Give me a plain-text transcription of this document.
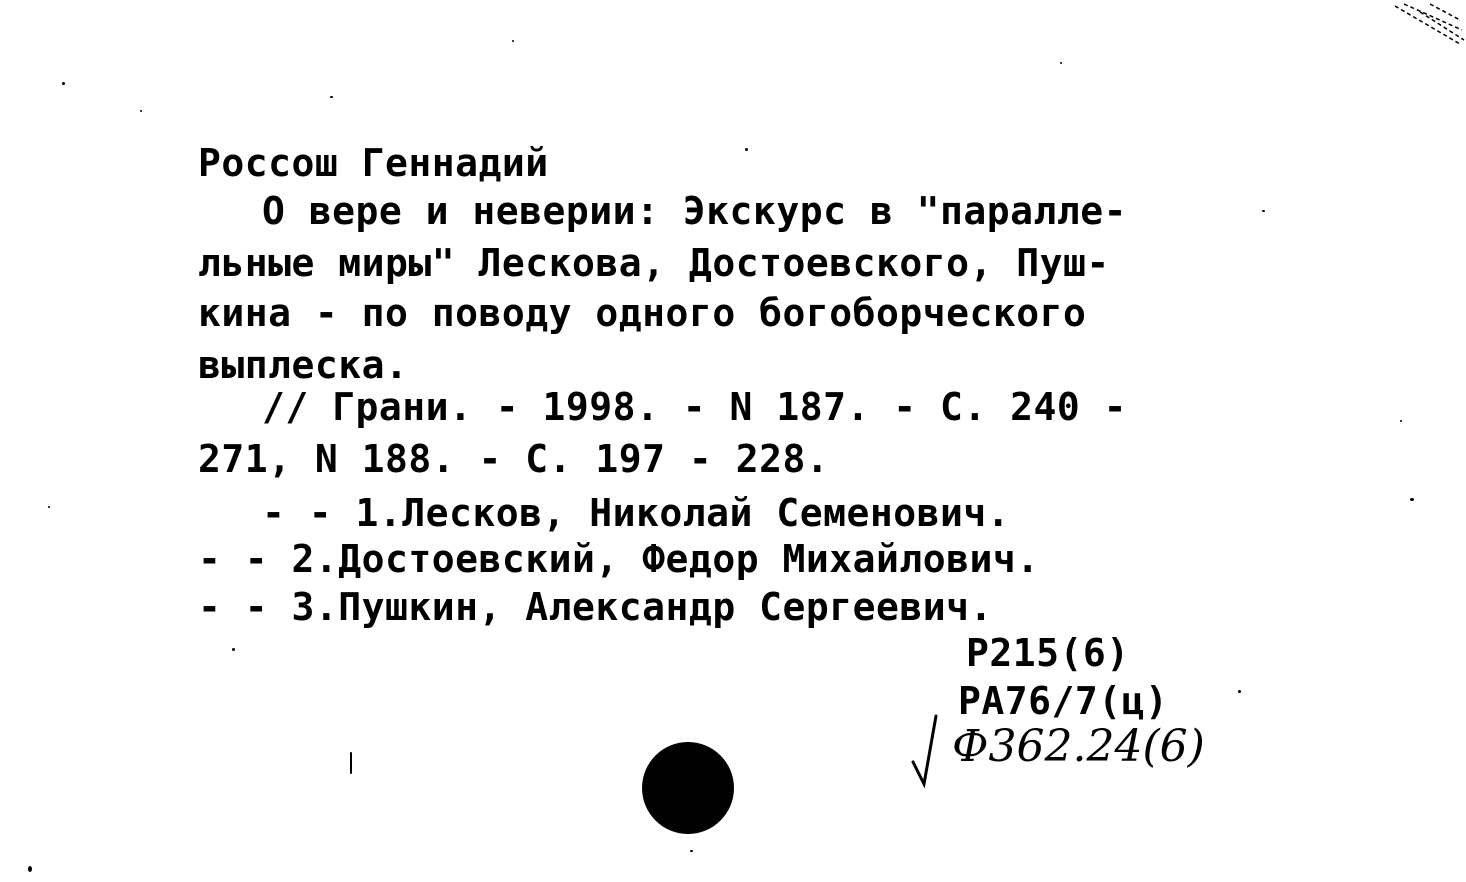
Россош Геннадий
О вере и неверии: Экскурс в "паралле-
льные миры" Лескова, Достоевского, Пуш-
кина - по поводу одного богоборческого
выплеска.
// Грани. - 1998. - N 187. - С. 240 -
271, N 188. - С. 197 - 228.
- - 1.Лесков, Николай Семенович.
- - 2.Достоевский, Федор Михайлович.
- - 3.Пушкин, Александр Сергеевич.
Р215(6)
РА76/7(ц)
Ф362.24(6)
